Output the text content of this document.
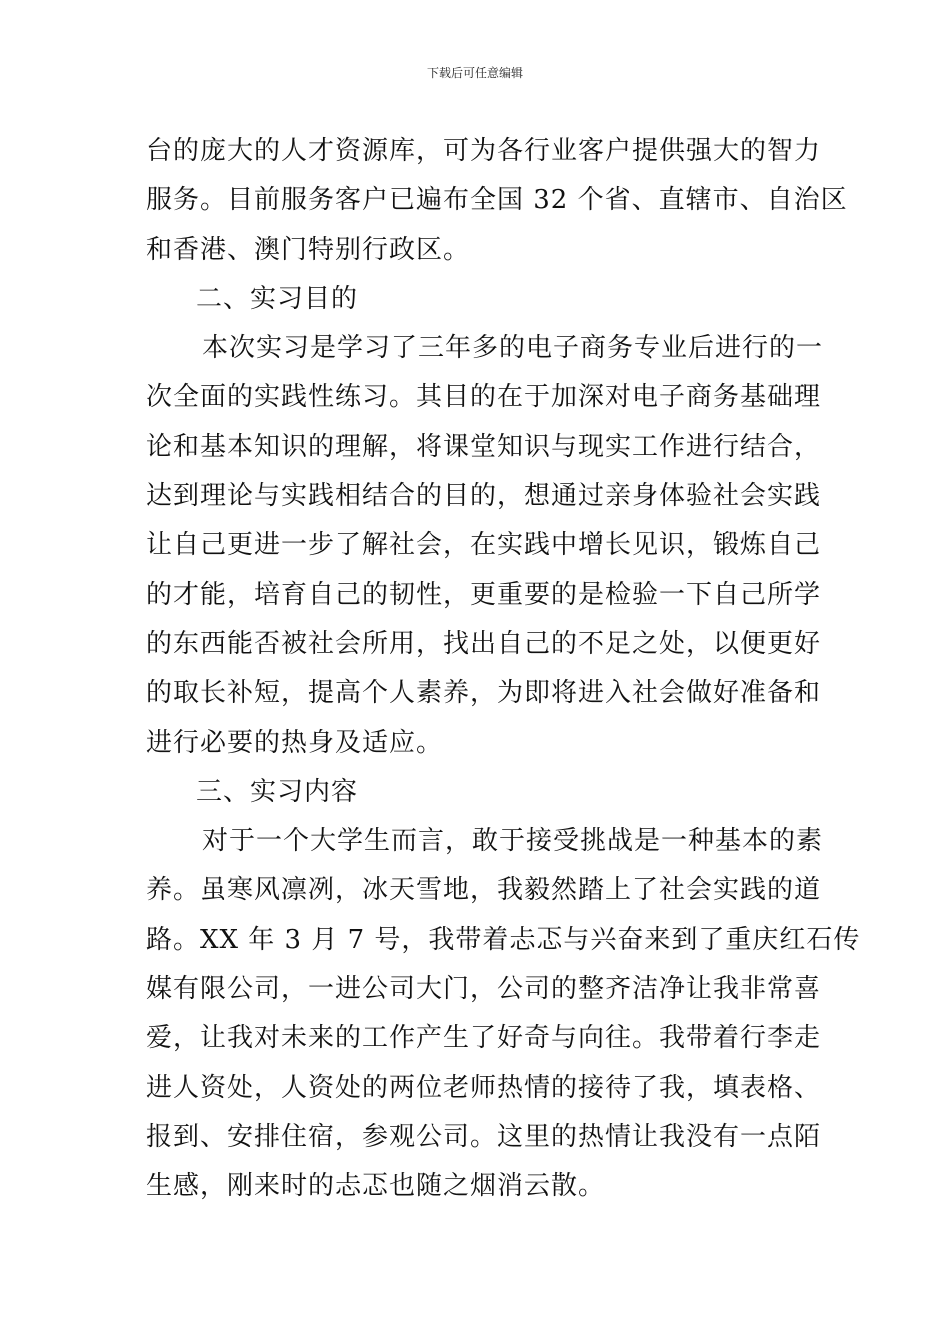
下载后可任意编辑
台的庞大的人才资源库，可为各行业客户提供强大的智力
服务。目前服务客户已遍布全国 32 个省、直辖市、自治区
和香港、澳门特别行政区。
二、实习目的
本次实习是学习了三年多的电子商务专业后进行的一
次全面的实践性练习。其目的在于加深对电子商务基础理
论和基本知识的理解，将课堂知识与现实工作进行结合，
达到理论与实践相结合的目的，想通过亲身体验社会实践
让自己更进一步了解社会，在实践中增长见识，锻炼自己
的才能，培育自己的韧性，更重要的是检验一下自己所学
的东西能否被社会所用，找出自己的不足之处，以便更好
的取长补短，提高个人素养，为即将进入社会做好准备和
进行必要的热身及适应。
三、实习内容
对于一个大学生而言，敢于接受挑战是一种基本的素
养。虽寒风凛冽，冰天雪地，我毅然踏上了社会实践的道
路。XX 年 3 月 7 号，我带着忐忑与兴奋来到了重庆红石传
媒有限公司，一进公司大门，公司的整齐洁净让我非常喜
爱，让我对未来的工作产生了好奇与向往。我带着行李走
进人资处，人资处的两位老师热情的接待了我，填表格、
报到、安排住宿，参观公司。这里的热情让我没有一点陌
生感，刚来时的忐忑也随之烟消云散。
